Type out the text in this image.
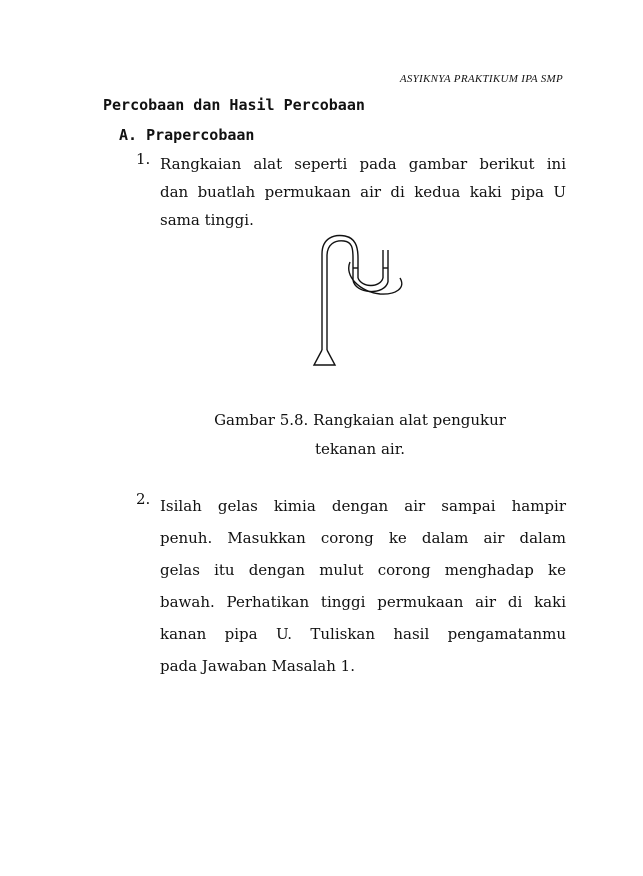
ASYIKNYA PRAKTIKUM IPA SMP
Percobaan dan Hasil Percobaan
A. Prapercobaan
1. Rangkaian alat seperti pada gambar berikut ini
dan buatlah permukaan air di kedua kaki pipa U
sama tinggi.
Gambar 5.8. Rangkaian alat pengukur
tekanan air.
2. Isilah gelas kimia dengan air sampai hampir
penuh. Masukkan corong ke dalam air dalam
gelas itu dengan mulut corong menghadap ke
bawah. Perhatikan tinggi permukaan air di kaki
kanan pipa U. Tuliskan hasil pengamatanmu
pada Jawaban Masalah 1.
